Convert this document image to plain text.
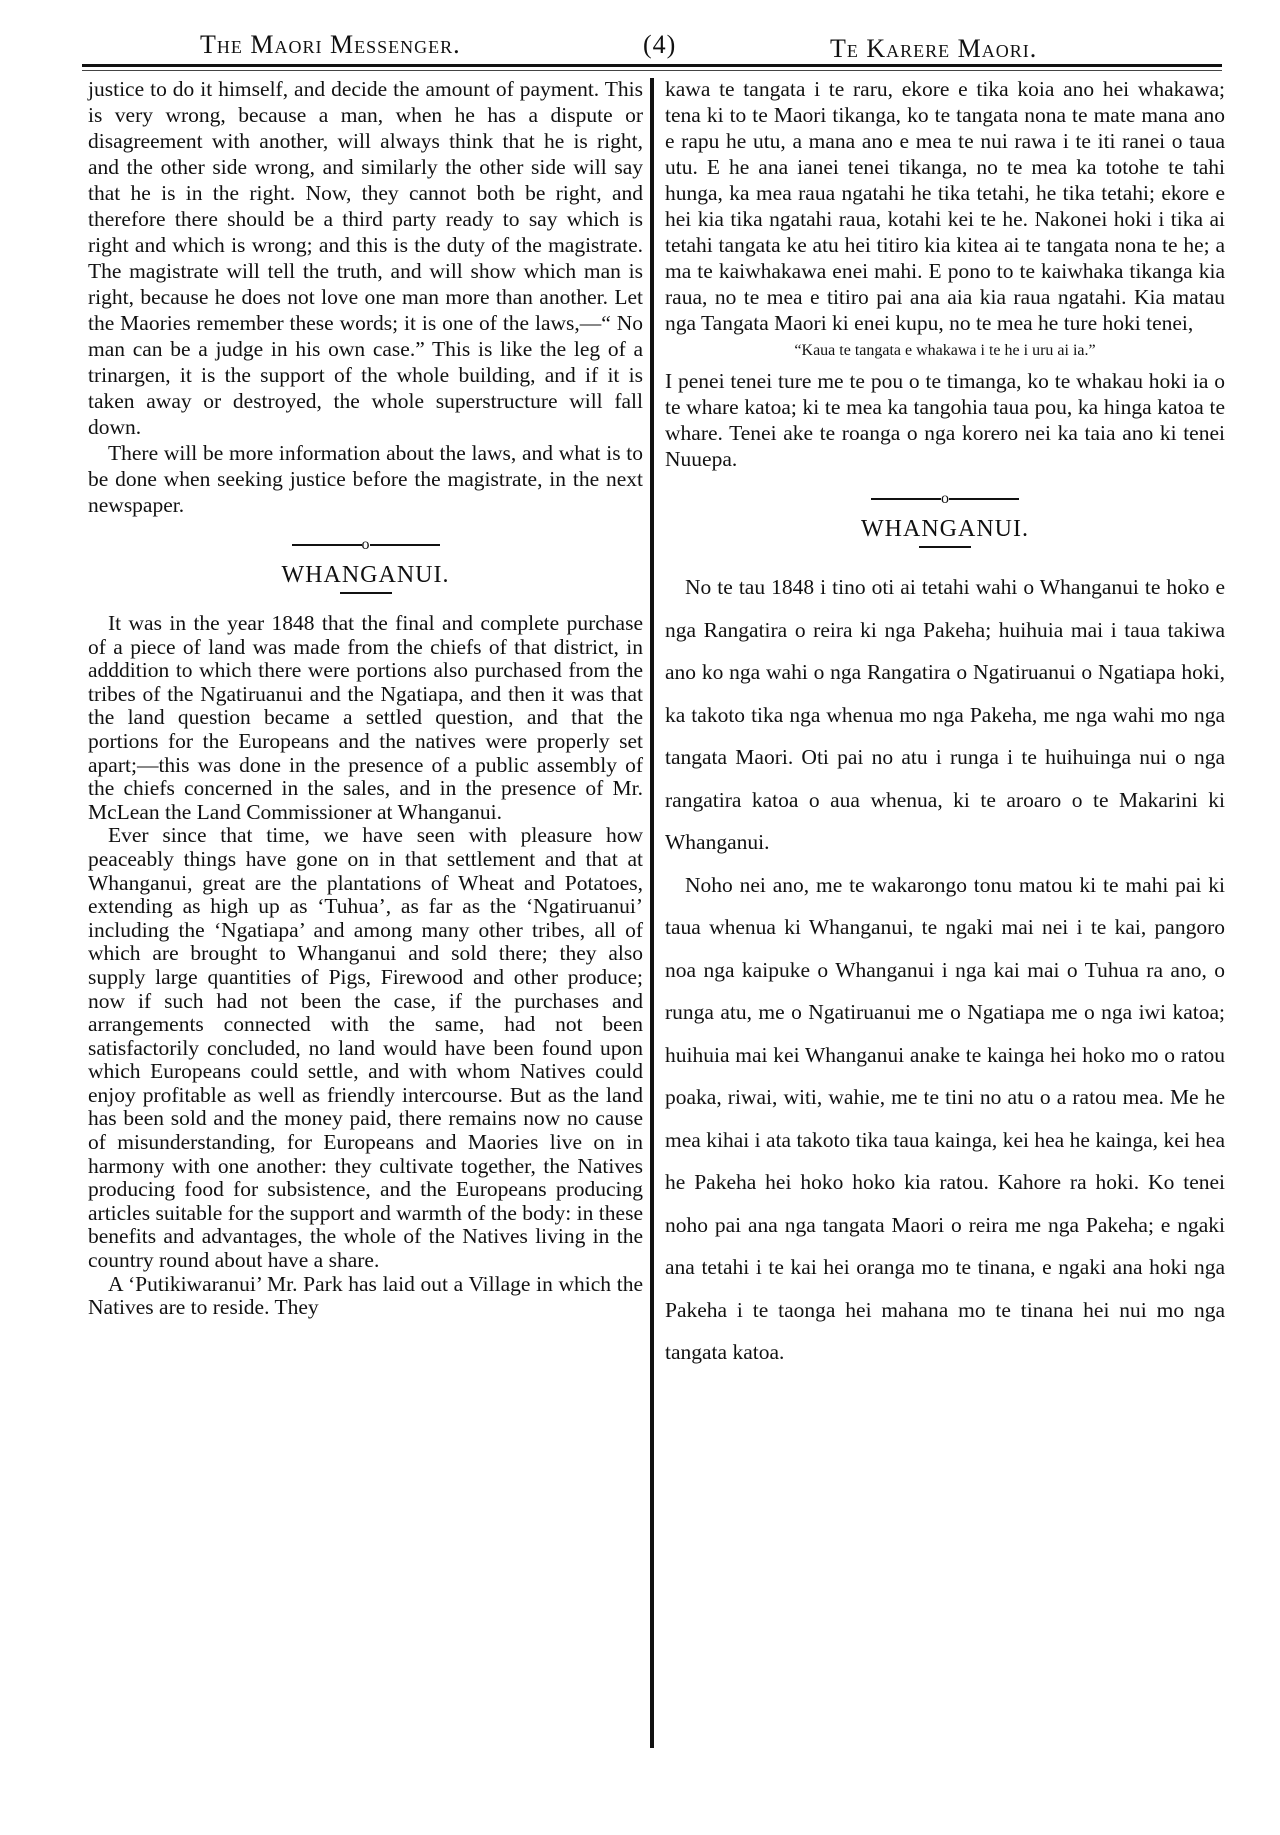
The Maori Messenger.	(4)	Te Karere Maori.

justice to do it himself, and decide the amount of payment. This is very wrong, because a man, when he has a dispute or disagreement with another, will always think that he is right, and the other side wrong, and similarly the other side will say that he is in the right. Now, they cannot both be right, and therefore there should be a third party ready to say which is right and which is wrong; and this is the duty of the magistrate. The magistrate will tell the truth, and will show which man is right, because he does not love one man more than another. Let the Maories remember these words; it is one of the laws,—“ No man can be a judge in his own case.” This is like the leg of a trinargen, it is the support of the whole building, and if it is taken away or destroyed, the whole superstructure will fall down.

There will be more information about the laws, and what is to be done when seeking justice before the magistrate, in the next newspaper.

o
WHANGANUI.

It was in the year 1848 that the final and complete purchase of a piece of land was made from the chiefs of that district, in adddition to which there were portions also purchased from the tribes of the Ngatiruanui and the Ngatiapa, and then it was that the land question became a settled question, and that the portions for the Europeans and the natives were properly set apart;—this was done in the presence of a public assembly of the chiefs concerned in the sales, and in the presence of Mr. McLean the Land Commissioner at Whanganui.

Ever since that time, we have seen with pleasure how peaceably things have gone on in that settlement and that at Whanganui, great are the plantations of Wheat and Potatoes, extending as high up as ‘Tuhua’, as far as the ‘Ngatiruanui’ including the ‘Ngatiapa’ and among many other tribes, all of which are brought to Whanganui and sold there; they also supply large quantities of Pigs, Firewood and other produce; now if such had not been the case, if the purchases and arrangements connected with the same, had not been satisfactorily concluded, no land would have been found upon which Europeans could settle, and with whom Natives could enjoy profitable as well as friendly intercourse. But as the land has been sold and the money paid, there remains now no cause of misunderstanding, for Europeans and Maories live on in harmony with one another: they cultivate together, the Natives producing food for subsistence, and the Europeans producing articles suitable for the support and warmth of the body: in these benefits and advantages, the whole of the Natives living in the country round about have a share.

A ‘Putikiwaranui’ Mr. Park has laid out a Village in which the Natives are to reside. They

kawa te tangata i te raru, ekore e tika koia ano hei whakawa; tena ki to te Maori tikanga, ko te tangata nona te mate mana ano e rapu he utu, a mana ano e mea te nui rawa i te iti ranei o taua utu. E he ana ianei tenei tikanga, no te mea ka totohe te tahi hunga, ka mea raua ngatahi he tika tetahi, he tika tetahi; ekore e hei kia tika ngatahi raua, kotahi kei te he. Nakonei hoki i tika ai tetahi tangata ke atu hei titiro kia kitea ai te tangata nona te he; a ma te kaiwhakawa enei mahi. E pono to te kaiwhaka tikanga kia raua, no te mea e titiro pai ana aia kia raua ngatahi. Kia matau nga Tangata Maori ki enei kupu, no te mea he ture hoki tenei,

“Kaua te tangata e whakawa i te he i uru ai ia.”

I penei tenei ture me te pou o te timanga, ko te whakau hoki ia o te whare katoa; ki te mea ka tangohia taua pou, ka hinga katoa te whare. Tenei ake te roanga o nga korero nei ka taia ano ki tenei Nuuepa.

o
WHANGANUI.

No te tau 1848 i tino oti ai tetahi wahi o Whanganui te hoko e nga Rangatira o reira ki nga Pakeha; huihuia mai i taua takiwa ano ko nga wahi o nga Rangatira o Ngatiruanui o Ngatiapa hoki, ka takoto tika nga whenua mo nga Pakeha, me nga wahi mo nga tangata Maori. Oti pai no atu i runga i te huihuinga nui o nga rangatira katoa o aua whenua, ki te aroaro o te Makarini ki Whanganui.

Noho nei ano, me te wakarongo tonu matou ki te mahi pai ki taua whenua ki Whanganui, te ngaki mai nei i te kai, pangoro noa nga kaipuke o Whanganui i nga kai mai o Tuhua ra ano, o runga atu, me o Ngatiruanui me o Ngatiapa me o nga iwi katoa; huihuia mai kei Whanganui anake te kainga hei hoko mo o ratou poaka, riwai, witi, wahie, me te tini no atu o a ratou mea. Me he mea kihai i ata takoto tika taua kainga, kei hea he kainga, kei hea he Pakeha hei hoko hoko kia ratou. Kahore ra hoki. Ko tenei noho pai ana nga tangata Maori o reira me nga Pakeha; e ngaki ana tetahi i te kai hei oranga mo te tinana, e ngaki ana hoki nga Pakeha i te taonga hei mahana mo te tinana hei nui mo nga tangata katoa.
